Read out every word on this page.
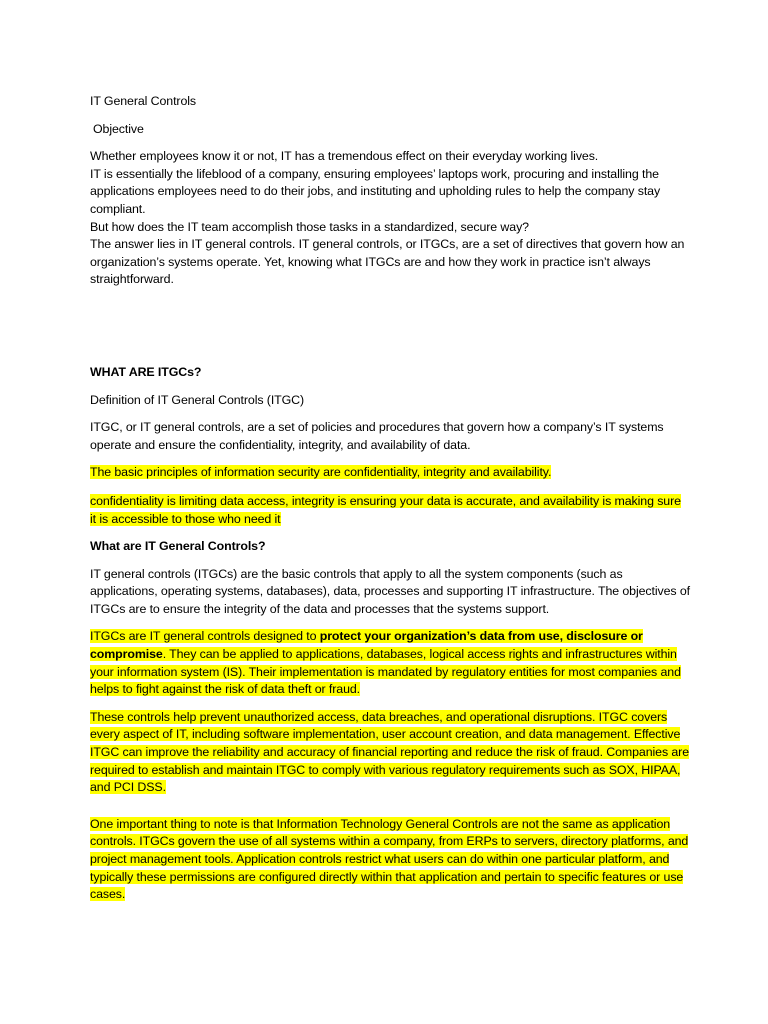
IT General Controls

Objective

Whether employees know it or not, IT has a tremendous effect on their everyday working lives.

IT is essentially the lifeblood of a company, ensuring employees’ laptops work, procuring and installing the applications employees need to do their jobs, and instituting and upholding rules to help the company stay compliant.

But how does the IT team accomplish those tasks in a standardized, secure way?

The answer lies in IT general controls. IT general controls, or ITGCs, are a set of directives that govern how an organization’s systems operate. Yet, knowing what ITGCs are and how they work in practice isn’t always straightforward.

WHAT ARE ITGCs?

Definition of IT General Controls (ITGC)

ITGC, or IT general controls, are a set of policies and procedures that govern how a company’s IT systems operate and ensure the confidentiality, integrity, and availability of data.

The basic principles of information security are confidentiality, integrity and availability.

confidentiality is limiting data access, integrity is ensuring your data is accurate, and availability is making sure it is accessible to those who need it

What are IT General Controls?

IT general controls (ITGCs) are the basic controls that apply to all the system components (such as applications, operating systems, databases), data, processes and supporting IT infrastructure. The objectives of ITGCs are to ensure the integrity of the data and processes that the systems support.

ITGCs are IT general controls designed to protect your organization’s data from use, disclosure or compromise. They can be applied to applications, databases, logical access rights and infrastructures within your information system (IS). Their implementation is mandated by regulatory entities for most companies and helps to fight against the risk of data theft or fraud.

These controls help prevent unauthorized access, data breaches, and operational disruptions. ITGC covers every aspect of IT, including software implementation, user account creation, and data management. Effective ITGC can improve the reliability and accuracy of financial reporting and reduce the risk of fraud. Companies are required to establish and maintain ITGC to comply with various regulatory requirements such as SOX, HIPAA, and PCI DSS.

One important thing to note is that Information Technology General Controls are not the same as application controls. ITGCs govern the use of all systems within a company, from ERPs to servers, directory platforms, and project management tools. Application controls restrict what users can do within one particular platform, and typically these permissions are configured directly within that application and pertain to specific features or use cases.
